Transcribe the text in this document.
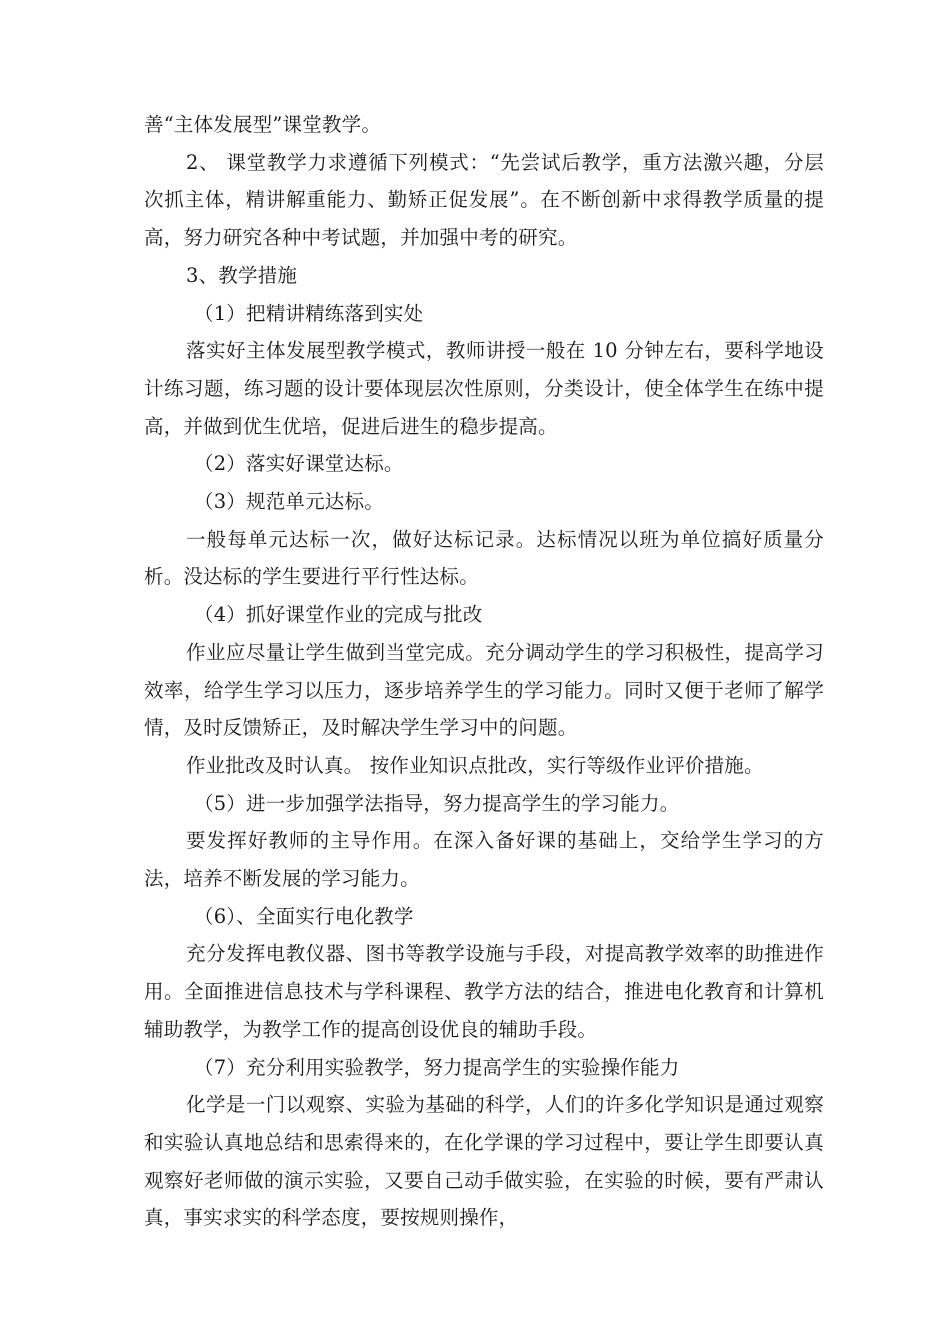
善“主体发展型”课堂教学。

2、 课堂教学力求遵循下列模式：“先尝试后教学，重方法激兴趣，分层次抓主体，精讲解重能力、勤矫正促发展”。在不断创新中求得教学质量的提高，努力研究各种中考试题，并加强中考的研究。

3、教学措施

（1）把精讲精练落到实处

落实好主体发展型教学模式，教师讲授一般在 10 分钟左右，要科学地设计练习题，练习题的设计要体现层次性原则，分类设计，使全体学生在练中提高，并做到优生优培，促进后进生的稳步提高。

（2）落实好课堂达标。

（3）规范单元达标。

一般每单元达标一次，做好达标记录。达标情况以班为单位搞好质量分析。没达标的学生要进行平行性达标。

（4）抓好课堂作业的完成与批改

作业应尽量让学生做到当堂完成。充分调动学生的学习积极性，提高学习效率，给学生学习以压力，逐步培养学生的学习能力。同时又便于老师了解学情，及时反馈矫正，及时解决学生学习中的问题。

作业批改及时认真。 按作业知识点批改，实行等级作业评价措施。

（5）进一步加强学法指导，努力提高学生的学习能力。

要发挥好教师的主导作用。在深入备好课的基础上，交给学生学习的方法，培养不断发展的学习能力。

（6）、全面实行电化教学

充分发挥电教仪器、图书等教学设施与手段，对提高教学效率的助推进作用。全面推进信息技术与学科课程、教学方法的结合，推进电化教育和计算机辅助教学，为教学工作的提高创设优良的辅助手段。

（7）充分利用实验教学，努力提高学生的实验操作能力

化学是一门以观察、实验为基础的科学，人们的许多化学知识是通过观察和实验认真地总结和思索得来的，在化学课的学习过程中，要让学生即要认真观察好老师做的演示实验，又要自己动手做实验，在实验的时候，要有严肃认真，事实求实的科学态度，要按规则操作，
